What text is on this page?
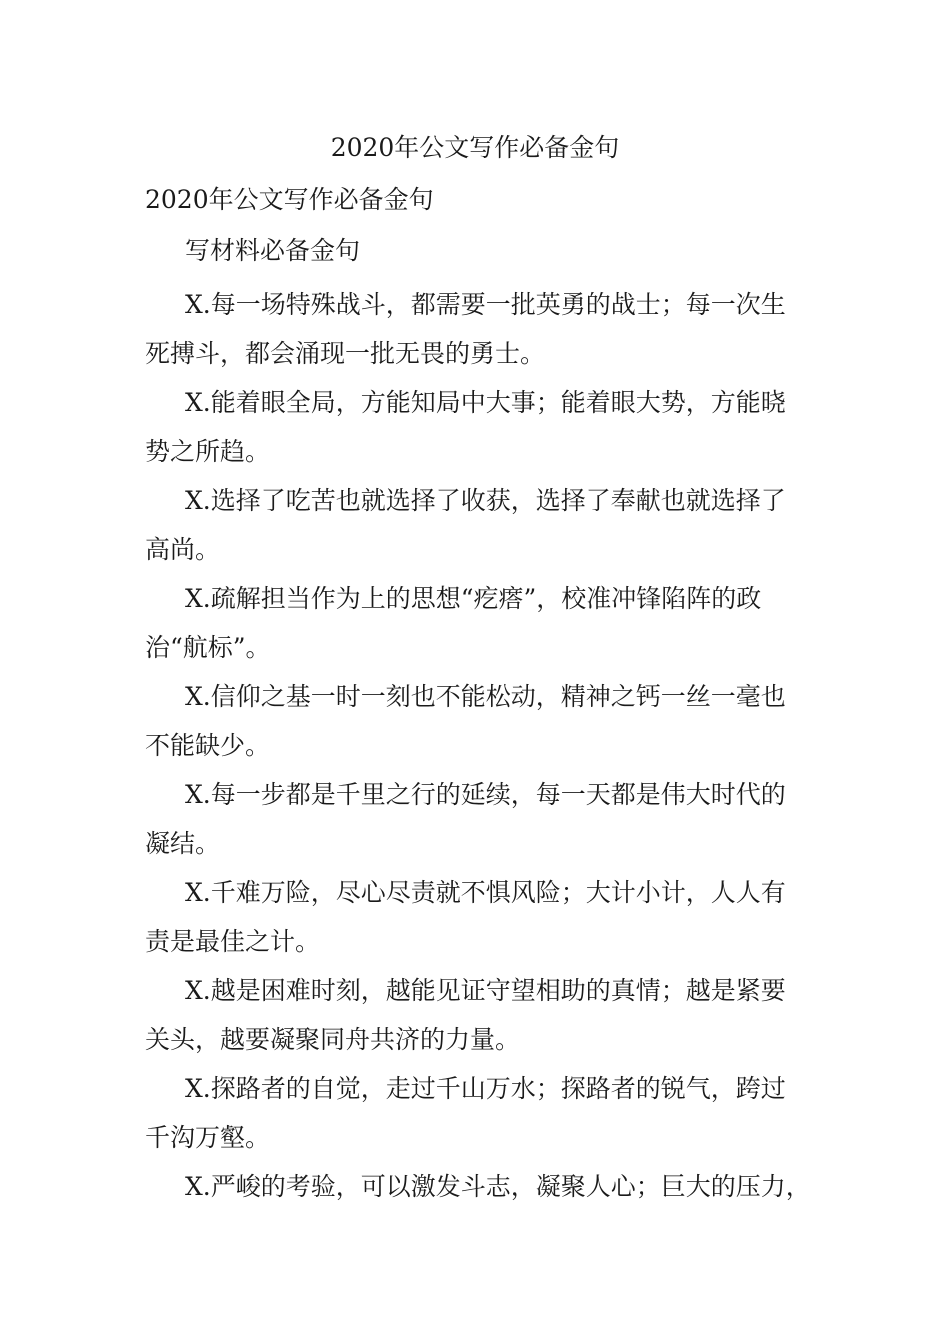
2020年公文写作必备金句
2020年公文写作必备金句
写材料必备金句
X.每一场特殊战斗，都需要一批英勇的战士；每一次生
死搏斗，都会涌现一批无畏的勇士。
X.能着眼全局，方能知局中大事；能着眼大势，方能晓
势之所趋。
X.选择了吃苦也就选择了收获，选择了奉献也就选择了
高尚。
X.疏解担当作为上的思想“疙瘩”，校准冲锋陷阵的政
治“航标”。
X.信仰之基一时一刻也不能松动，精神之钙一丝一毫也
不能缺少。
X.每一步都是千里之行的延续，每一天都是伟大时代的
凝结。
X.千难万险，尽心尽责就不惧风险；大计小计，人人有
责是最佳之计。
X.越是困难时刻，越能见证守望相助的真情；越是紧要
关头，越要凝聚同舟共济的力量。
X.探路者的自觉，走过千山万水；探路者的锐气，跨过
千沟万壑。
X.严峻的考验，可以激发斗志，凝聚人心；巨大的压力，
